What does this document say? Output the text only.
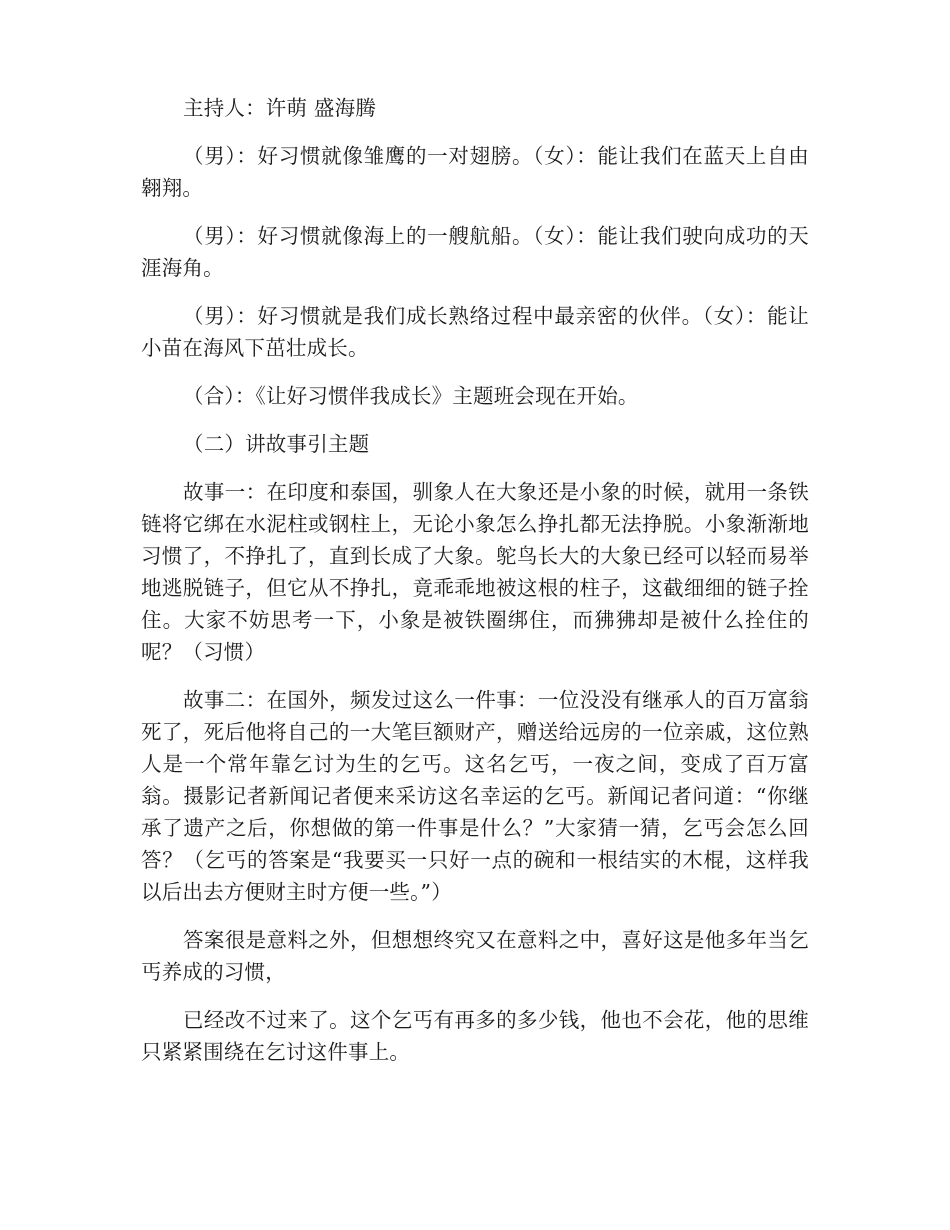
主持人：许萌 盛海腾

（男）：好习惯就像雏鹰的一对翅膀。（女）：能让我们在蓝天上自由翱翔。

（男）：好习惯就像海上的一艘航船。（女）：能让我们驶向成功的天涯海角。

（男）：好习惯就是我们成长熟络过程中最亲密的伙伴。（女）：能让小苗在海风下茁壮成长。

（合）：《让好习惯伴我成长》主题班会现在开始。

（二）讲故事引主题

故事一：在印度和泰国，驯象人在大象还是小象的时候，就用一条铁链将它绑在水泥柱或钢柱上，无论小象怎么挣扎都无法挣脱。小象渐渐地习惯了，不挣扎了，直到长成了大象。鸵鸟长大的大象已经可以轻而易举地逃脱链子，但它从不挣扎，竟乖乖地被这根的柱子，这截细细的链子拴住。大家不妨思考一下，小象是被铁圈绑住，而狒狒却是被什么拴住的呢？（习惯）

故事二：在国外，频发过这么一件事：一位没没有继承人的百万富翁死了，死后他将自己的一大笔巨额财产，赠送给远房的一位亲戚，这位熟人是一个常年靠乞讨为生的乞丐。这名乞丐，一夜之间，变成了百万富翁。摄影记者新闻记者便来采访这名幸运的乞丐。新闻记者问道：“你继承了遗产之后，你想做的第一件事是什么？”大家猜一猜，乞丐会怎么回答？（乞丐的答案是“我要买一只好一点的碗和一根结实的木棍，这样我以后出去方便财主时方便一些。”）

答案很是意料之外，但想想终究又在意料之中，喜好这是他多年当乞丐养成的习惯，

已经改不过来了。这个乞丐有再多的多少钱，他也不会花，他的思维只紧紧围绕在乞讨这件事上。
